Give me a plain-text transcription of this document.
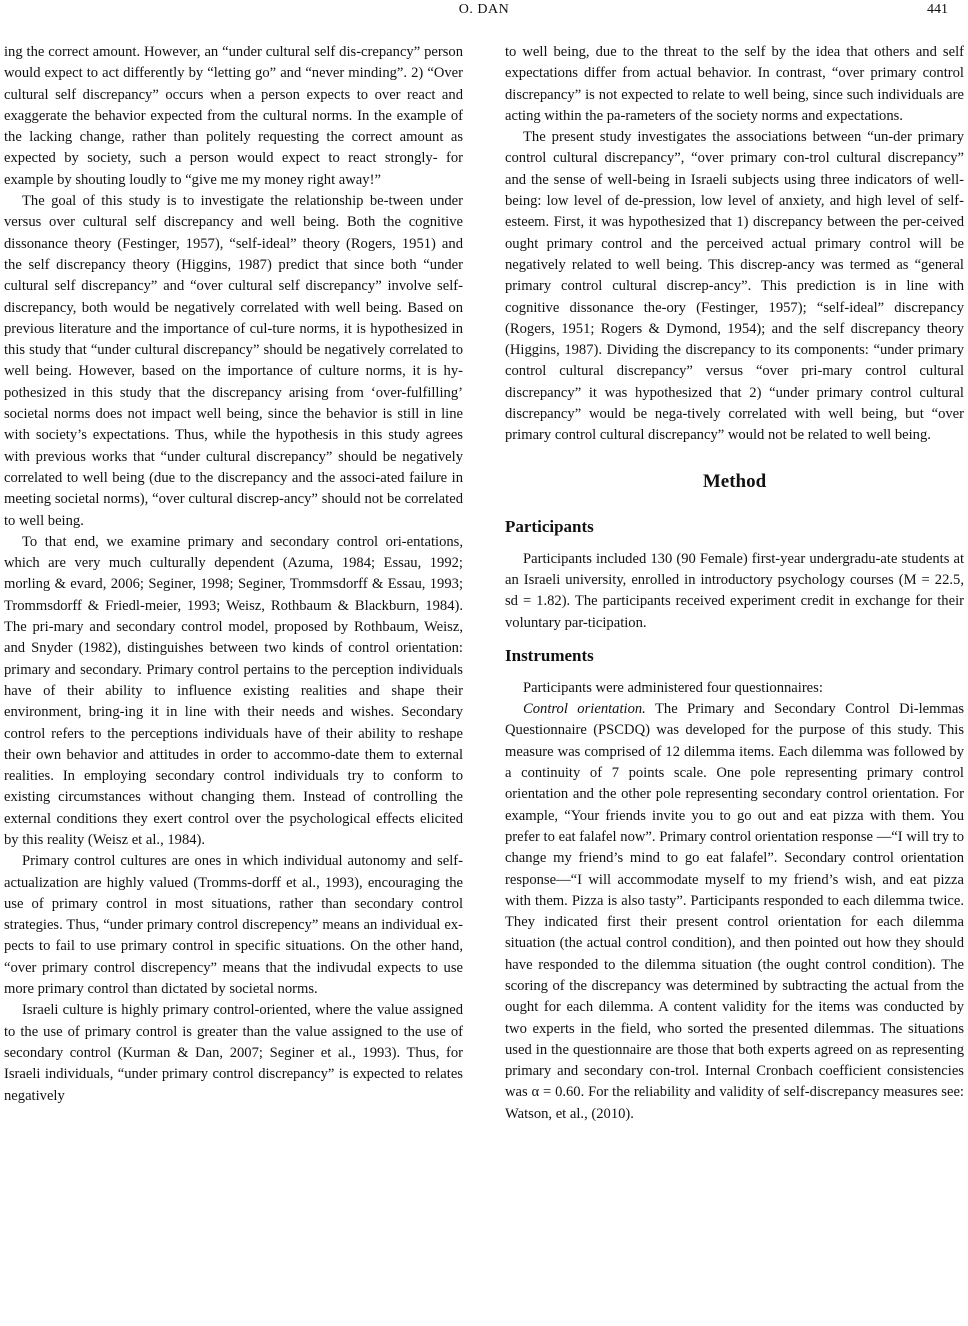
O. DAN	441

ing the correct amount. However, an “under cultural self dis-crepancy” person would expect to act differently by “letting go” and “never minding”. 2) “Over cultural self discrepancy” occurs when a person expects to over react and exaggerate the behavior expected from the cultural norms. In the example of the lacking change, rather than politely requesting the correct amount as expected by society, such a person would expect to react strongly- for example by shouting loudly to “give me my money right away!”

The goal of this study is to investigate the relationship be-tween under versus over cultural self discrepancy and well being. Both the cognitive dissonance theory (Festinger, 1957), “self-ideal” theory (Rogers, 1951) and the self discrepancy theory (Higgins, 1987) predict that since both “under cultural self discrepancy” and “over cultural self discrepancy” involve self-discrepancy, both would be negatively correlated with well being. Based on previous literature and the importance of cul-ture norms, it is hypothesized in this study that “under cultural discrepancy” should be negatively correlated to well being. However, based on the importance of culture norms, it is hy-pothesized in this study that the discrepancy arising from ‘over-fulfilling’ societal norms does not impact well being, since the behavior is still in line with society’s expectations. Thus, while the hypothesis in this study agrees with previous works that “under cultural discrepancy” should be negatively correlated to well being (due to the discrepancy and the associ-ated failure in meeting societal norms), “over cultural discrep-ancy” should not be correlated to well being.

To that end, we examine primary and secondary control ori-entations, which are very much culturally dependent (Azuma, 1984; Essau, 1992; morling & evard, 2006; Seginer, 1998; Seginer, Trommsdorff & Essau, 1993; Trommsdorff & Friedl-meier, 1993; Weisz, Rothbaum & Blackburn, 1984). The pri-mary and secondary control model, proposed by Rothbaum, Weisz, and Snyder (1982), distinguishes between two kinds of control orientation: primary and secondary. Primary control pertains to the perception individuals have of their ability to influence existing realities and shape their environment, bring-ing it in line with their needs and wishes. Secondary control refers to the perceptions individuals have of their ability to reshape their own behavior and attitudes in order to accommo-date them to external realities. In employing secondary control individuals try to conform to existing circumstances without changing them. Instead of controlling the external conditions they exert control over the psychological effects elicited by this reality (Weisz et al., 1984).

Primary control cultures are ones in which individual autonomy and self-actualization are highly valued (Tromms-dorff et al., 1993), encouraging the use of primary control in most situations, rather than secondary control strategies. Thus, “under primary control discrepency” means an individual ex-pects to fail to use primary control in specific situations. On the other hand, “over primary control discrepency” means that the indivudal expects to use more primary control than dictated by societal norms.

Israeli culture is highly primary control-oriented, where the value assigned to the use of primary control is greater than the value assigned to the use of secondary control (Kurman & Dan, 2007; Seginer et al., 1993). Thus, for Israeli individuals, “under primary control discrepancy” is expected to relates negatively

to well being, due to the threat to the self by the idea that others and self expectations differ from actual behavior. In contrast, “over primary control discrepancy” is not expected to relate to well being, since such individuals are acting within the pa-rameters of the society norms and expectations.

The present study investigates the associations between “un-der primary control cultural discrepancy”, “over primary con-trol cultural discrepancy” and the sense of well-being in Israeli subjects using three indicators of well-being: low level of de-pression, low level of anxiety, and high level of self-esteem. First, it was hypothesized that 1) discrepancy between the per-ceived ought primary control and the perceived actual primary control will be negatively related to well being. This discrep-ancy was termed as “general primary control cultural discrep-ancy”. This prediction is in line with cognitive dissonance the-ory (Festinger, 1957); “self-ideal” discrepancy (Rogers, 1951; Rogers & Dymond, 1954); and the self discrepancy theory (Higgins, 1987). Dividing the discrepancy to its components: “under primary control cultural discrepancy” versus “over pri-mary control cultural discrepancy” it was hypothesized that 2) “under primary control cultural discrepancy” would be nega-tively correlated with well being, but “over primary control cultural discrepancy” would not be related to well being.

Method
Participants

Participants included 130 (90 Female) first-year undergradu-ate students at an Israeli university, enrolled in introductory psychology courses (M = 22.5, sd = 1.82). The participants received experiment credit in exchange for their voluntary par-ticipation.

Instruments

Participants were administered four questionnaires:

Control orientation. The Primary and Secondary Control Di-lemmas Questionnaire (PSCDQ) was developed for the purpose of this study. This measure was comprised of 12 dilemma items. Each dilemma was followed by a continuity of 7 points scale. One pole representing primary control orientation and the other pole representing secondary control orientation. For example, “Your friends invite you to go out and eat pizza with them. You prefer to eat falafel now”. Primary control orientation response —“I will try to change my friend’s mind to go eat falafel”. Secondary control orientation response—“I will accommodate myself to my friend’s wish, and eat pizza with them. Pizza is also tasty”. Participants responded to each dilemma twice. They indicated first their present control orientation for each dilemma situation (the actual control condition), and then pointed out how they should have responded to the dilemma situation (the ought control condition). The scoring of the discrepancy was determined by subtracting the actual from the ought for each dilemma. A content validity for the items was conducted by two experts in the field, who sorted the presented dilemmas. The situations used in the questionnaire are those that both experts agreed on as representing primary and secondary con-trol. Internal Cronbach coefficient consistencies was α = 0.60. For the reliability and validity of self-discrepancy measures see: Watson, et al., (2010).
